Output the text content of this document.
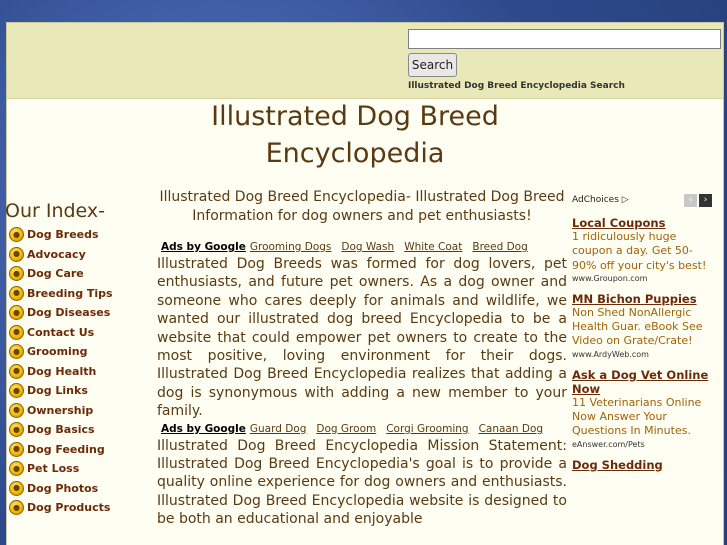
Search
Illustrated Dog Breed Encyclopedia Search
Illustrated Dog Breed Encyclopedia
Our Index-
● Dog Breeds
● Advocacy
● Dog Care
● Breeding Tips
● Dog Diseases
● Contact Us
● Grooming
● Dog Health
● Dog Links
● Ownership
● Dog Basics
● Dog Feeding
● Pet Loss
● Dog Photos
● Dog Products
Illustrated Dog Breed Encyclopedia- Illustrated Dog Breed Information for dog owners and pet enthusiasts!
Ads by Google Grooming Dogs Dog Wash White Coat Breed Dog
Illustrated Dog Breeds was formed for dog lovers, pet enthusiasts, and future pet owners. As a dog owner and someone who cares deeply for animals and wildlife, we wanted our illustrated dog breed Encyclopedia to be a website that could empower pet owners to create to the most positive, loving environment for their dogs. Illustrated Dog Breed Encyclopedia realizes that adding a dog is synonymous with adding a new member to your family.
Ads by Google Guard Dog Dog Groom Corgi Grooming Canaan Dog
Illustrated Dog Breed Encyclopedia Mission Statement: Illustrated Dog Breed Encyclopedia's goal is to provide a quality online experience for dog owners and enthusiasts. Illustrated Dog Breed Encyclopedia website is designed to be both an educational and enjoyable
AdChoices ▷	‹	›
Local Coupons
1 ridiculously huge coupon a day. Get 50-90% off your city's best!
www.Groupon.com
MN Bichon Puppies
Non Shed NonAllergic Health Guar. eBook See Video on Grate/Crate!
www.ArdyWeb.com
Ask a Dog Vet Online Now
11 Veterinarians Online Now Answer Your Questions In Minutes.
eAnswer.com/Pets
Dog Shedding
